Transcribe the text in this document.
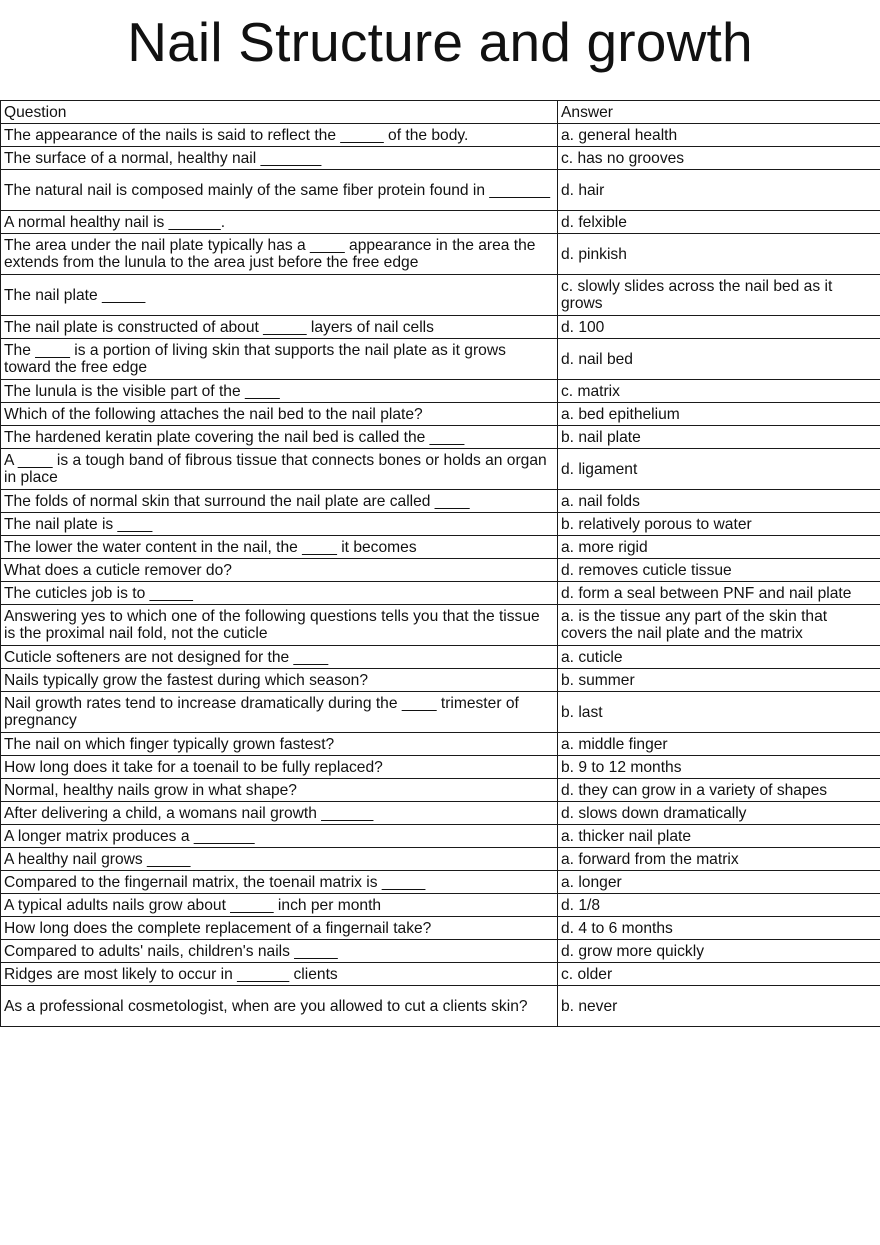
Nail Structure and growth
Question	Answer
The appearance of the nails is said to reflect the _____ of the body.	a. general health
The surface of a normal, healthy nail _______	c. has no grooves
The natural nail is composed mainly of the same fiber protein found in _______	d. hair
A normal healthy nail is ______.	d. felxible
The area under the nail plate typically has a ____ appearance in the area the extends from the lunula to the area just before the free edge	d. pinkish
The nail plate _____	c. slowly slides across the nail bed as it grows
The nail plate is constructed of about _____ layers of nail cells	d. 100
The ____ is a portion of living skin that supports the nail plate as it grows toward the free edge	d. nail bed
The lunula is the visible part of the ____	c. matrix
Which of the following attaches the nail bed to the nail plate?	a. bed epithelium
The hardened keratin plate covering the nail bed is called the ____	b. nail plate
A ____ is a tough band of fibrous tissue that connects bones or holds an organ in place	d. ligament
The folds of normal skin that surround the nail plate are called ____	a. nail folds
The nail plate is ____	b. relatively porous to water
The lower the water content in the nail, the ____ it becomes	a. more rigid
What does a cuticle remover do?	d. removes cuticle tissue
The cuticles job is to _____	d. form a seal between PNF and nail plate
Answering yes to which one of the following questions tells you that the tissue is the proximal nail fold, not the cuticle	a. is the tissue any part of the skin that covers the nail plate and the matrix
Cuticle softeners are not designed for the ____	a. cuticle
Nails typically grow the fastest during which season?	b. summer
Nail growth rates tend to increase dramatically during the ____ trimester of pregnancy	b. last
The nail on which finger typically grown fastest?	a. middle finger
How long does it take for a toenail to be fully replaced?	b. 9 to 12 months
Normal, healthy nails grow in what shape?	d. they can grow in a variety of shapes
After delivering a child, a womans nail growth ______	d. slows down dramatically
A longer matrix produces a _______	a. thicker nail plate
A healthy nail grows _____	a. forward from the matrix
Compared to the fingernail matrix, the toenail matrix is _____	a. longer
A typical adults nails grow about _____ inch per month	d. 1/8
How long does the complete replacement of a fingernail take?	d. 4 to 6 months
Compared to adults' nails, children's nails _____	d. grow more quickly
Ridges are most likely to occur in ______ clients	c. older
As a professional cosmetologist, when are you allowed to cut a clients skin?	b. never
